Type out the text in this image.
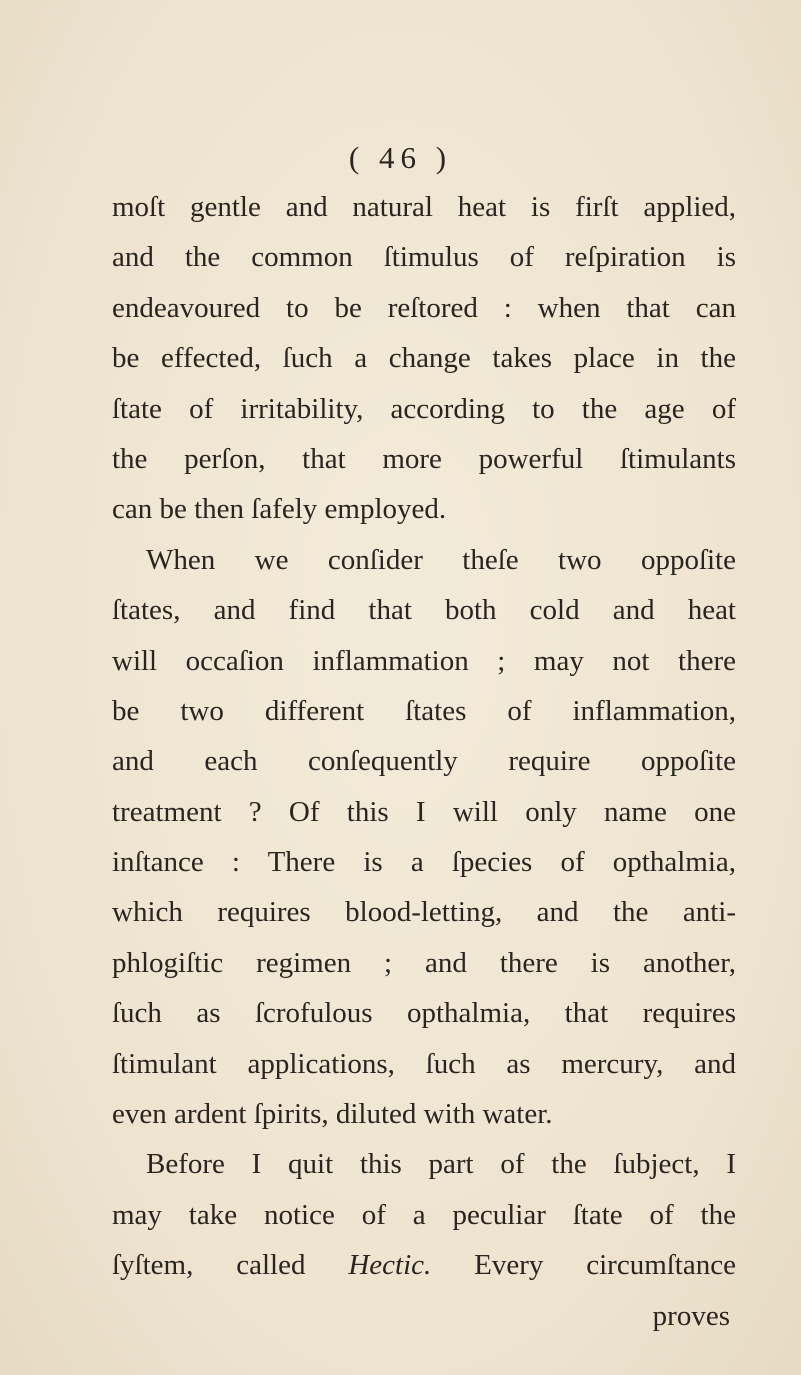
( 46 )
moſt gentle and natural heat is firſt applied,
and the common ſtimulus of reſpiration is
endeavoured to be reſtored : when that can
be effected, ſuch a change takes place in the
ſtate of irritability, according to the age of
the perſon, that more powerful ſtimulants
can be then ſafely employed.
When we conſider theſe two oppoſite
ſtates, and find that both cold and heat
will occaſion inflammation ; may not there
be two different ſtates of inflammation,
and each conſequently require oppoſite
treatment ? Of this I will only name one
inſtance : There is a ſpecies of opthalmia,
which requires blood-letting, and the anti-
phlogiſtic regimen ; and there is another,
ſuch as ſcrofulous opthalmia, that requires
ſtimulant applications, ſuch as mercury, and
even ardent ſpirits, diluted with water.
Before I quit this part of the ſubject, I
may take notice of a peculiar ſtate of the
ſyſtem, called Hectic. Every circumſtance
proves
